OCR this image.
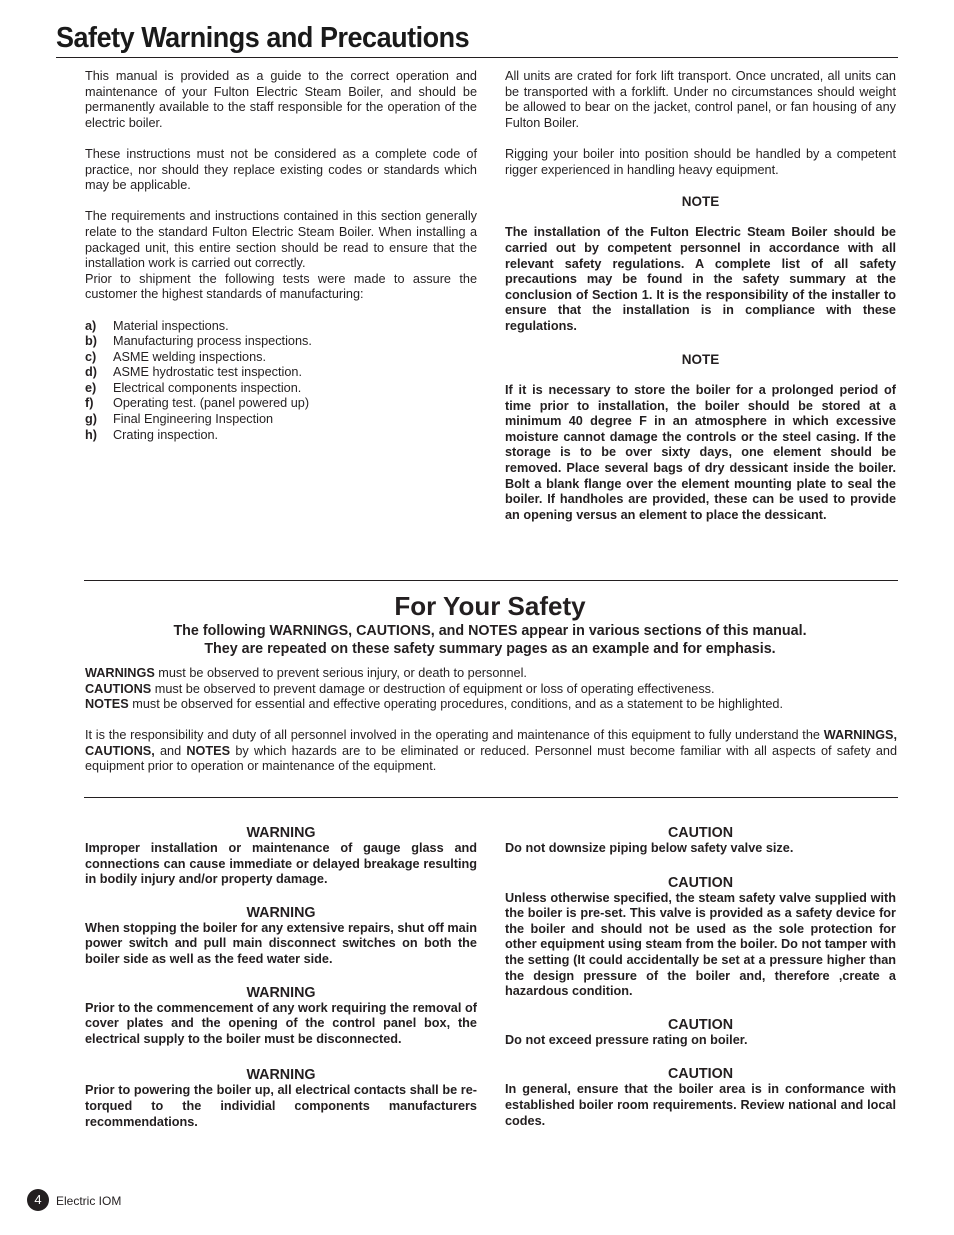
Safety Warnings and Precautions

This manual is provided as a guide to the correct operation and maintenance of your Fulton Electric Steam Boiler, and should be permanently available to the staff responsible for the operation of the electric boiler.

These instructions must not be considered as a complete code of practice, nor should they replace existing codes or standards which may be applicable.

The requirements and instructions contained in this section generally relate to the standard Fulton Electric Steam Boiler. When installing a packaged unit, this entire section should be read to ensure that the installation work is carried out correctly.

Prior to shipment the following tests were made to assure the customer the highest standards of manufacturing:

a)	Material inspections.
b)	Manufacturing process inspections.
c)	ASME welding inspections.
d)	ASME hydrostatic test inspection.
e)	Electrical components inspection.
f)	Operating test. (panel powered up)
g)	Final Engineering Inspection
h)	Crating inspection.

All units are crated for fork lift transport. Once uncrated, all units can be transported with a forklift. Under no circumstances should weight be allowed to bear on the jacket, control panel, or fan housing of any Fulton Boiler.

Rigging your boiler into position should be handled by a competent rigger experienced in handling heavy equipment.

NOTE

The installation of the Fulton Electric Steam Boiler should be carried out by competent personnel in accordance with all relevant safety regulations. A complete list of all safety precautions may be found in the safety summary at the conclusion of Section 1. It is the responsibility of the installer to ensure that the installation is in compliance with these regulations.

NOTE

If it is necessary to store the boiler for a prolonged period of time prior to installation, the boiler should be stored at a minimum 40 degree F in an atmosphere in which excessive moisture cannot damage the controls or the steel casing. If the storage is to be over sixty days, one element should be removed. Place several bags of dry dessicant inside the boiler. Bolt a blank flange over the element mounting plate to seal the boiler. If handholes are provided, these can be used to provide an opening versus an element to place the dessicant.

For Your Safety

The following WARNINGS, CAUTIONS, and NOTES appear in various sections of this manual.

They are repeated on these safety summary pages as an example and for emphasis.

WARNINGS must be observed to prevent serious injury, or death to personnel.

CAUTIONS must be observed to prevent damage or destruction of equipment or loss of operating effectiveness.

NOTES must be observed for essential and effective operating procedures, conditions, and as a statement to be highlighted.

It is the responsibility and duty of all personnel involved in the operating and maintenance of this equipment to fully understand the WARNINGS, CAUTIONS, and NOTES by which hazards are to be eliminated or reduced. Personnel must become familiar with all aspects of safety and equipment prior to operation or maintenance of the equipment.

WARNING

Improper installation or maintenance of gauge glass and connections can cause immediate or delayed breakage resulting in bodily injury and/or property damage.

WARNING

When stopping the boiler for any extensive repairs, shut off main power switch and pull main disconnect switches on both the boiler side as well as the feed water side.

WARNING

Prior to the commencement of any work requiring the removal of cover plates and the opening of the control panel box, the electrical supply to the boiler must be disconnected.

WARNING

Prior to powering the boiler up, all electrical contacts shall be re-torqued to the individial components manufacturers recommendations.

CAUTION

Do not downsize piping below safety valve size.

CAUTION

Unless otherwise specified, the steam safety valve supplied with the boiler is pre-set. This valve is provided as a safety device for the boiler and should not be used as the sole protection for other equipment using steam from the boiler. Do not tamper with the setting (It could accidentally be set at a pressure higher than the design pressure of the boiler and, therefore ,create a hazardous condition.

CAUTION

Do not exceed pressure rating on boiler.

CAUTION

In general, ensure that the boiler area is in conformance with established boiler room requirements. Review national and local codes.

4	Electric IOM
